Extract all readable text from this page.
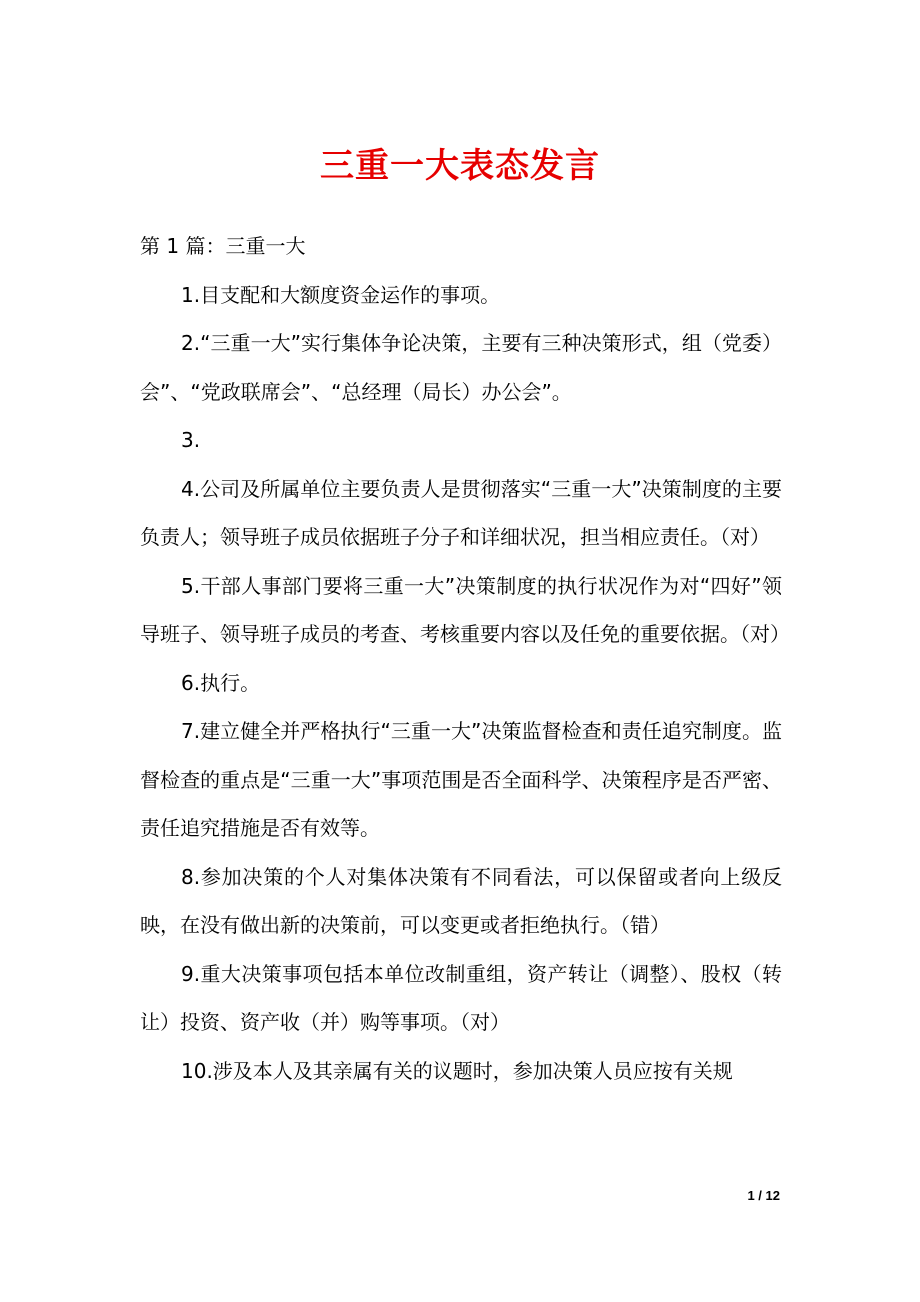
三重一大表态发言

第 1 篇：三重一大

1.目支配和大额度资金运作的事项。

2.“三重一大”实行集体争论决策，主要有三种决策形式，组（党委）会”、“党政联席会”、“总经理（局长）办公会”。

3.

4.公司及所属单位主要负责人是贯彻落实“三重一大”决策制度的主要负责人；领导班子成员依据班子分子和详细状况，担当相应责任。（对）

5.干部人事部门要将三重一大”决策制度的执行状况作为对“四好”领导班子、领导班子成员的考查、考核重要内容以及任免的重要依据。（对）

6.执行。

7.建立健全并严格执行“三重一大”决策监督检查和责任追究制度。监督检查的重点是“三重一大”事项范围是否全面科学、决策程序是否严密、责任追究措施是否有效等。

8.参加决策的个人对集体决策有不同看法，可以保留或者向上级反映，在没有做出新的决策前，可以变更或者拒绝执行。（错）

9.重大决策事项包括本单位改制重组，资产转让（调整）、股权（转让）投资、资产收（并）购等事项。（对）

10.涉及本人及其亲属有关的议题时，参加决策人员应按有关规

1 / 12
